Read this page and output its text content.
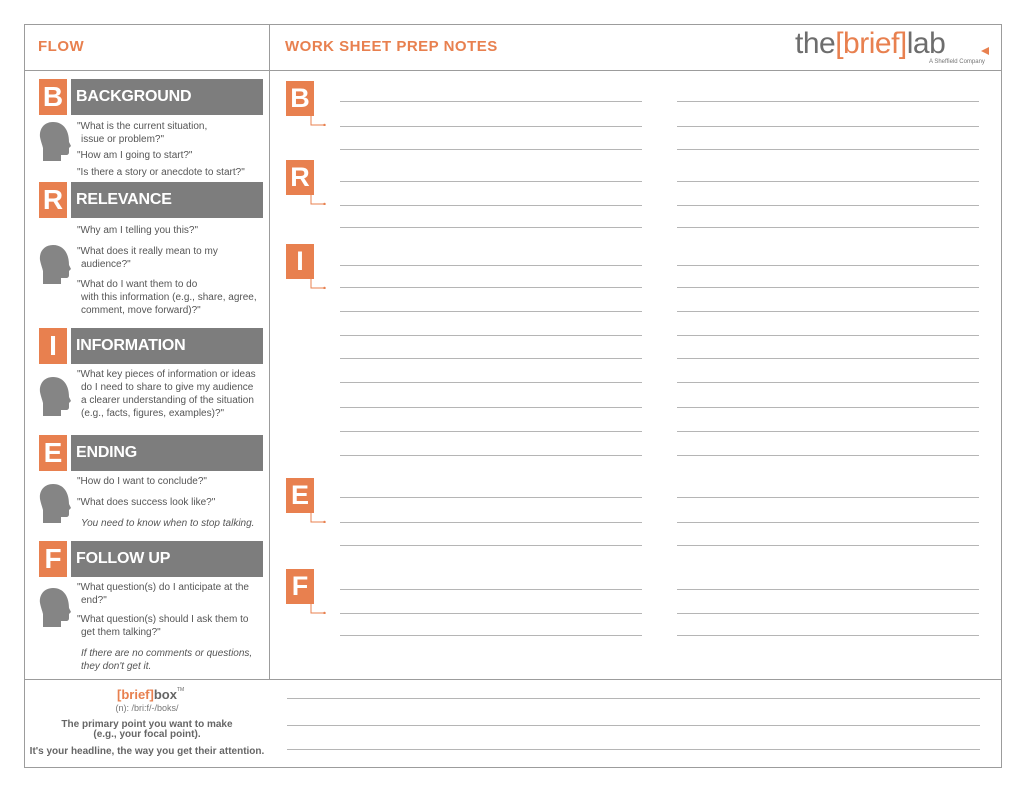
FLOW	WORK SHEET PREP NOTES	the[brief]lab
A Sheffield Company
B BACKGROUND
"What is the current situation,
issue or problem?"
"How am I going to start?"
"Is there a story or anecdote to start?"
R RELEVANCE
"Why am I telling you this?"
"What does it really mean to my
audience?"
"What do I want them to do
with this information (e.g., share, agree,
comment, move forward)?"
I	INFORMATION
"What key pieces of information or ideas
do I need to share to give my audience
a clearer understanding of the situation
(e.g., facts, figures, examples)?"
E ENDING
"How do I want to conclude?"
"What does success look like?"
You need to know when to stop talking.
F FOLLOW UP
"What question(s) do I anticipate at the
end?"
"What question(s) should I ask them to
get them talking?"
If there are no comments or questions,
they don't get it.
B
R
I
E
F
[brief]box™
(n): /bri:f/-/boks/
The primary point you want to make
(e.g., your focal point).
It's your headline, the way you get their attention.
